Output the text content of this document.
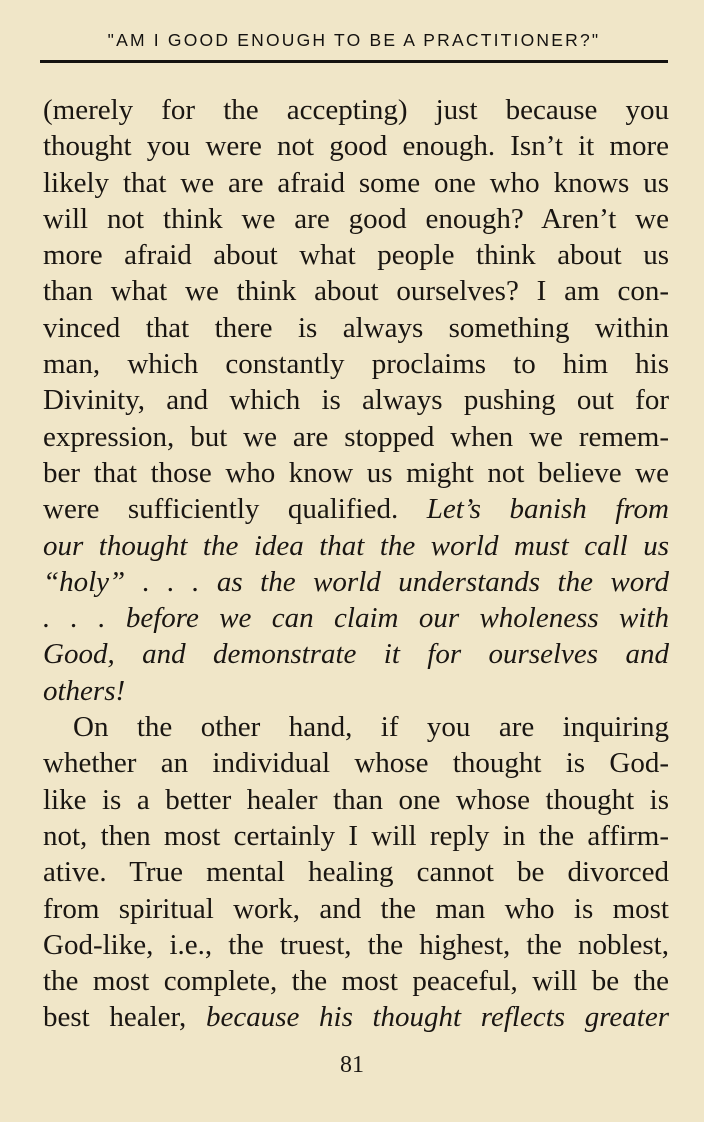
"AM I GOOD ENOUGH TO BE A PRACTITIONER?"
(merely for the accepting) just because you
thought you were not good enough. Isn’t it more
likely that we are afraid some one who knows us
will not think we are good enough? Aren’t we
more afraid about what people think about us
than what we think about ourselves? I am con-
vinced that there is always something within
man, which constantly proclaims to him his
Divinity, and which is always pushing out for
expression, but we are stopped when we remem-
ber that those who know us might not believe we
were sufficiently qualified. Let’s banish from
our thought the idea that the world must call us
“holy” . . . as the world understands the word
. . . before we can claim our wholeness with
Good, and demonstrate it for ourselves and
others!
On the other hand, if you are inquiring
whether an individual whose thought is God-
like is a better healer than one whose thought is
not, then most certainly I will reply in the affirm-
ative. True mental healing cannot be divorced
from spiritual work, and the man who is most
God-like, i.e., the truest, the highest, the noblest,
the most complete, the most peaceful, will be the
best healer, because his thought reflects greater
81
